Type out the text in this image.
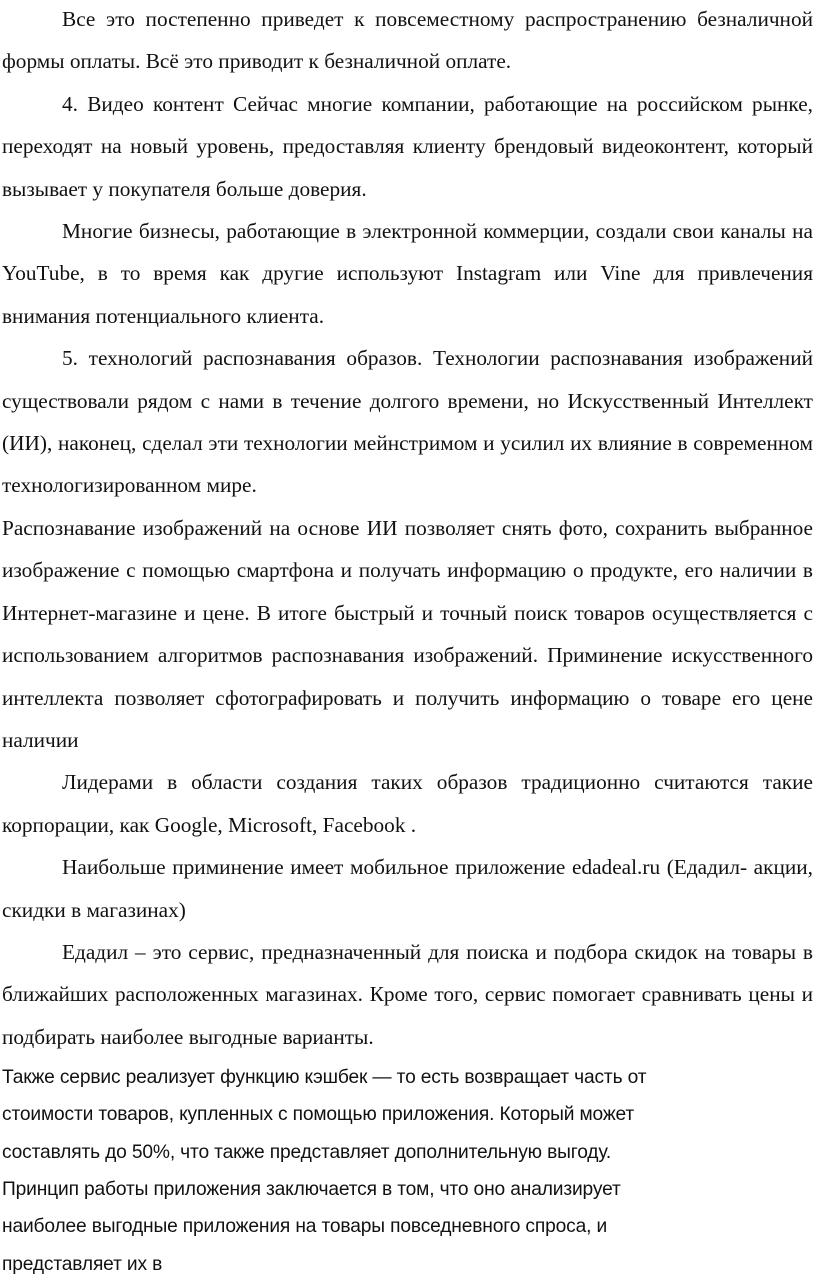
Все это постепенно приведет к повсеместному распространению безналичной формы оплаты. Всё это приводит к безналичной оплате.

4. Видео контент Сейчас многие компании, работающие на российском рынке, переходят на новый уровень, предоставляя клиенту брендовый видеоконтент, который вызывает у покупателя больше доверия.

Многие бизнесы, работающие в электронной коммерции, создали свои каналы на YouTube, в то время как другие используют Instagram или Vine для привлечения внимания потенциального клиента.

5. технологий распознавания образов. Технологии распознавания изображений существовали рядом с нами в течение долгого времени, но Искусственный Интеллект (ИИ), наконец, сделал эти технологии мейнстримом и усилил их влияние в современном технологизированном мире.

Распознавание изображений на основе ИИ позволяет снять фото, сохранить выбранное изображение с помощью смартфона и получать информацию о продукте, его наличии в Интернет-магазине и цене. В итоге быстрый и точный поиск товаров осуществляется с использованием алгоритмов распознавания изображений. Приминение искусственного интеллекта позволяет сфотографировать и получить информацию о товаре его цене наличии

Лидерами в области создания таких образов традиционно считаются такие корпорации, как Google, Microsoft, Facebook .

Наибольше приминение имеет мобильное приложение edadeal.ru (Едадил- акции, скидки в магазинах)

Едадил – это сервис, предназначенный для поиска и подбора скидок на товары в ближайших расположенных магазинах. Кроме того, сервис помогает сравнивать цены и подбирать наиболее выгодные варианты.

Также сервис реализует функцию кэшбек — то есть возвращает часть от

стоимости товаров, купленных с помощью приложения. Который может

составлять до 50%, что также представляет дополнительную выгоду.

Принцип работы приложения заключается в том, что оно анализирует

наиболее выгодные приложения на товары повседневного спроса, и

представляет их в
